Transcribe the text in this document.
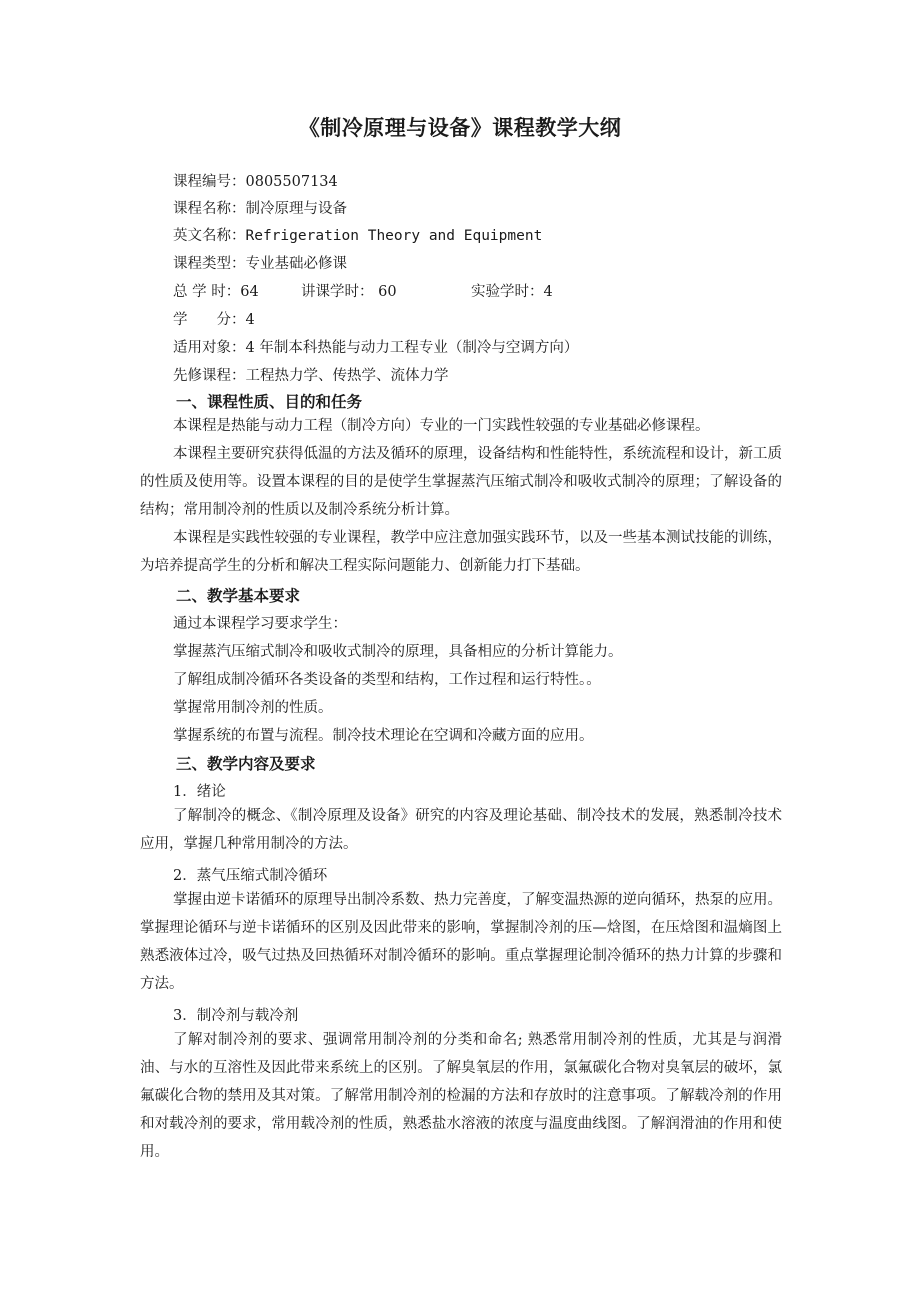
《制冷原理与设备》课程教学大纲
课程编号：0805507134
课程名称：制冷原理与设备
英文名称：Refrigeration Theory and Equipment
课程类型：专业基础必修课
总 学 时：64	讲课学时： 60	实验学时：4
学　　分：4
适用对象：4 年制本科热能与动力工程专业（制冷与空调方向）
先修课程：工程热力学、传热学、流体力学
一、课程性质、目的和任务

本课程是热能与动力工程（制冷方向）专业的一门实践性较强的专业基础必修课程。

本课程主要研究获得低温的方法及循环的原理，设备结构和性能特性，系统流程和设计，新工质的性质及使用等。设置本课程的目的是使学生掌握蒸汽压缩式制冷和吸收式制冷的原理；了解设备的结构；常用制冷剂的性质以及制冷系统分析计算。

本课程是实践性较强的专业课程，教学中应注意加强实践环节，以及一些基本测试技能的训练，为培养提高学生的分析和解决工程实际问题能力、创新能力打下基础。

二、教学基本要求
通过本课程学习要求学生：
掌握蒸汽压缩式制冷和吸收式制冷的原理，具备相应的分析计算能力。
了解组成制冷循环各类设备的类型和结构，工作过程和运行特性。。
掌握常用制冷剂的性质。
掌握系统的布置与流程。制冷技术理论在空调和冷藏方面的应用。
三、教学内容及要求
1．绪论

了解制冷的概念、《制冷原理及设备》研究的内容及理论基础、制冷技术的发展，熟悉制冷技术应用，掌握几种常用制冷的方法。

2．蒸气压缩式制冷循环

掌握由逆卡诺循环的原理导出制冷系数、热力完善度，了解变温热源的逆向循环，热泵的应用。掌握理论循环与逆卡诺循环的区别及因此带来的影响，掌握制冷剂的压—焓图，在压焓图和温熵图上熟悉液体过冷，吸气过热及回热循环对制冷循环的影响。重点掌握理论制冷循环的热力计算的步骤和方法。

3．制冷剂与载冷剂

了解对制冷剂的要求、强调常用制冷剂的分类和命名; 熟悉常用制冷剂的性质，尤其是与润滑油、与水的互溶性及因此带来系统上的区别。了解臭氧层的作用，氯氟碳化合物对臭氧层的破坏，氯氟碳化合物的禁用及其对策。了解常用制冷剂的检漏的方法和存放时的注意事项。了解载冷剂的作用和对载冷剂的要求，常用载冷剂的性质，熟悉盐水溶液的浓度与温度曲线图。了解润滑油的作用和使用。
